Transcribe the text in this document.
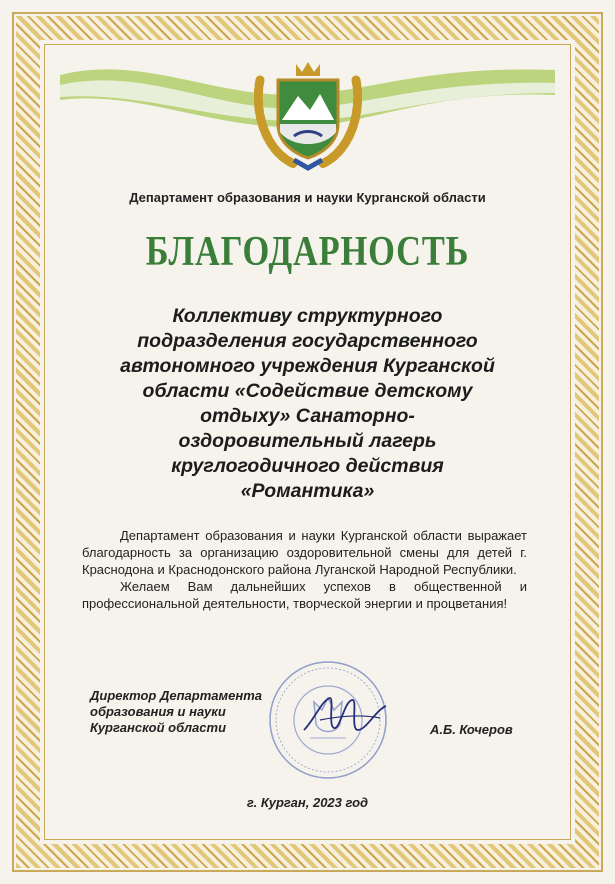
Департамент образования и науки Курганской области
БЛАГОДАРНОСТЬ
Коллективу структурного
подразделения государственного
автономного учреждения Курганской
области «Содействие детскому
отдыху» Санаторно-
оздоровительный лагерь
круглогодичного действия
«Романтика»

Департамент образования и науки Курганской области выражает благодарность за организацию оздоровительной смены для детей г. Краснодона и Краснодонского района Луганской Народной Республики.

Желаем Вам дальнейших успехов в общественной и профессиональной деятельности, творческой энергии и процветания!

Директор Департамента
образования и науки
Курганской области	А.Б. Кочеров
г. Курган, 2023 год
